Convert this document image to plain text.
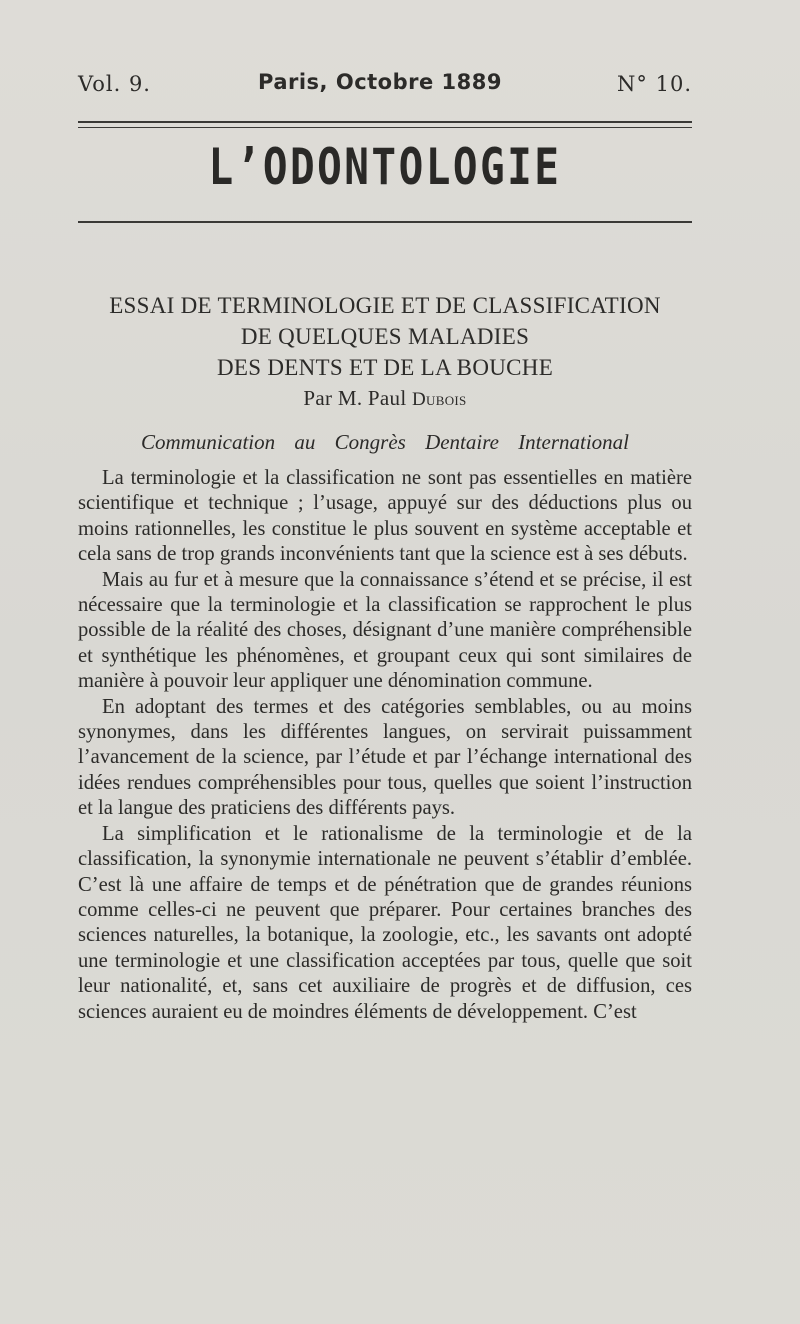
Vol. 9.	Paris, Octobre 1889	N° 10.
L’ODONTOLOGIE
ESSAI DE TERMINOLOGIE ET DE CLASSIFICATION
DE QUELQUES MALADIES
DES DENTS ET DE LA BOUCHE
Par M. Paul Dubois
Communication au Congrès Dentaire International

La terminologie et la classification ne sont pas essentielles en matière scientifique et technique ; l’usage, appuyé sur des déductions plus ou moins rationnelles, les constitue le plus souvent en système acceptable et cela sans de trop grands inconvénients tant que la science est à ses débuts.

Mais au fur et à mesure que la connaissance s’étend et se précise, il est nécessaire que la terminologie et la classification se rapprochent le plus possible de la réalité des choses, désignant d’une manière compréhensible et synthétique les phénomènes, et groupant ceux qui sont similaires de manière à pouvoir leur appliquer une dénomination commune.

En adoptant des termes et des catégories semblables, ou au moins synonymes, dans les différentes langues, on servirait puissamment l’avancement de la science, par l’étude et par l’échange international des idées rendues compréhensibles pour tous, quelles que soient l’instruction et la langue des praticiens des différents pays.

La simplification et le rationalisme de la terminologie et de la classification, la synonymie internationale ne peuvent s’établir d’emblée. C’est là une affaire de temps et de pénétration que de grandes réunions comme celles-ci ne peuvent que préparer. Pour certaines branches des sciences naturelles, la botanique, la zoologie, etc., les savants ont adopté une terminologie et une classification acceptées par tous, quelle que soit leur nationalité, et, sans cet auxiliaire de progrès et de diffusion, ces sciences auraient eu de moindres éléments de développement. C’est
